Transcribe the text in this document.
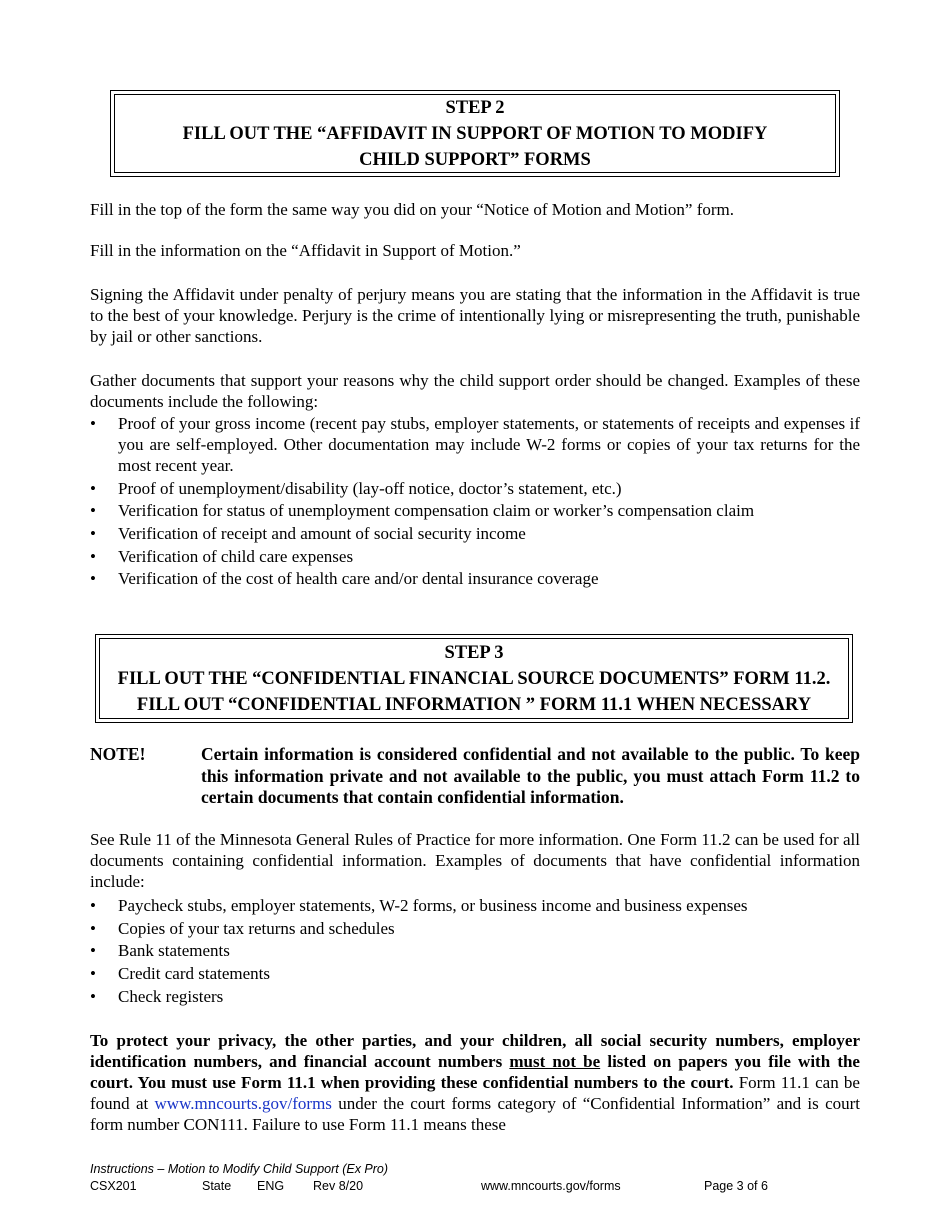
STEP 2
FILL OUT THE “AFFIDAVIT IN SUPPORT OF MOTION TO MODIFY
CHILD SUPPORT” FORMS
Fill in the top of the form the same way you did on your “Notice of Motion and Motion” form.
Fill in the information on the “Affidavit in Support of Motion.”
Signing the Affidavit under penalty of perjury means you are stating that the information in the Affidavit is true to the best of your knowledge. Perjury is the crime of intentionally lying or misrepresenting the truth, punishable by jail or other sanctions.
Gather documents that support your reasons why the child support order should be changed. Examples of these documents include the following:
• Proof of your gross income (recent pay stubs, employer statements, or statements of receipts and expenses if you are self-employed. Other documentation may include W-2 forms or copies of your tax returns for the most recent year.
• Proof of unemployment/disability (lay-off notice, doctor’s statement, etc.)
• Verification for status of unemployment compensation claim or worker’s compensation claim
• Verification of receipt and amount of social security income
• Verification of child care expenses
• Verification of the cost of health care and/or dental insurance coverage
STEP 3
FILL OUT THE “CONFIDENTIAL FINANCIAL SOURCE DOCUMENTS” FORM 11.2.
FILL OUT “CONFIDENTIAL INFORMATION ” FORM 11.1 WHEN NECESSARY
NOTE!	Certain information is considered confidential and not available to the public. To keep this information private and not available to the public, you must attach Form 11.2 to certain documents that contain confidential information.
See Rule 11 of the Minnesota General Rules of Practice for more information. One Form 11.2 can be used for all documents containing confidential information. Examples of documents that have confidential information include:
• Paycheck stubs, employer statements, W-2 forms, or business income and business expenses
• Copies of your tax returns and schedules
• Bank statements
• Credit card statements
• Check registers
To protect your privacy, the other parties, and your children, all social security numbers, employer identification numbers, and financial account numbers must not be listed on papers you file with the court. You must use Form 11.1 when providing these confidential numbers to the court. Form 11.1 can be found at www.mncourts.gov/forms under the court forms category of “Confidential Information” and is court form number CON111. Failure to use Form 11.1 means these
Instructions – Motion to Modify Child Support (Ex Pro)
CSX201	State ENG Rev 8/20	www.mncourts.gov/forms	Page 3 of 6
